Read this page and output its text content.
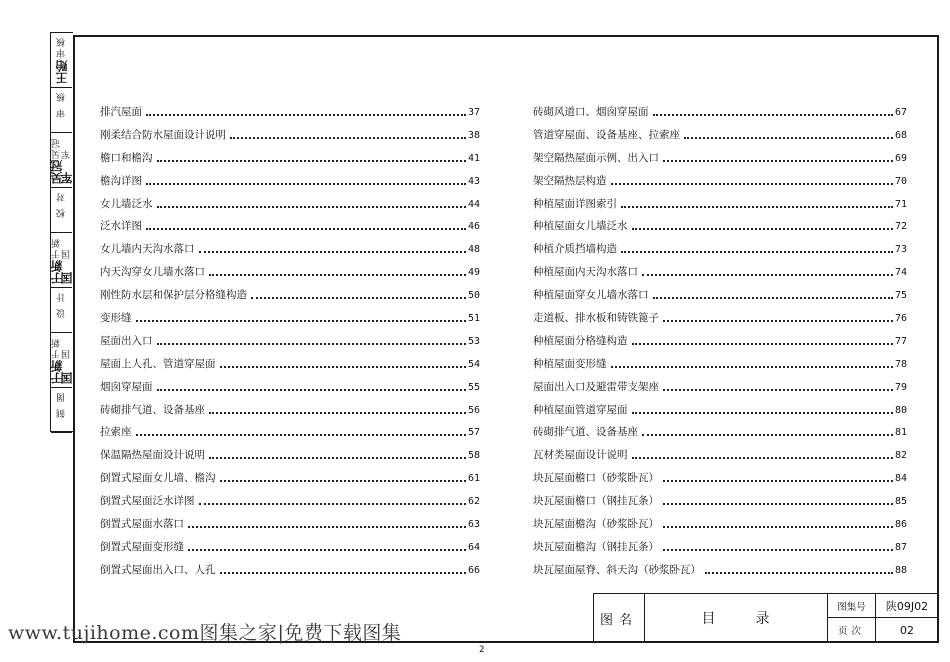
审核
王贻
审 核
吴冠军
吴冠军
校 对
于新国
于新国
设 计
于新国
于新国
制 图
排汽屋面	37
刚柔结合防水屋面设计说明	38
檐口和檐沟	41
檐沟详图	43
女儿墙泛水	44
泛水详图	46
女儿墙内天沟水落口	48
内天沟穿女儿墙水落口	49
刚性防水层和保护层分格缝构造	50
变形缝	51
屋面出入口	53
屋面上人孔、管道穿屋面	54
烟囱穿屋面	55
砖砌排气道、设备基座	56
拉索座	57
保温隔热屋面设计说明	58
倒置式屋面女儿墙、檐沟	61
倒置式屋面泛水详图	62
倒置式屋面水落口	63
倒置式屋面变形缝	64
倒置式屋面出入口、人孔	66
砖砌风道口、烟囱穿屋面	67
管道穿屋面、设备基座、拉索座	68
架空隔热屋面示例、出入口	69
架空隔热层构造	70
种植屋面详图索引	71
种植屋面女儿墙泛水	72
种植介质挡墙构造	73
种植屋面内天沟水落口	74
种植屋面穿女儿墙水落口	75
走道板、排水板和铸铁篦子	76
种植屋面分格缝构造	77
种植屋面变形缝	78
屋面出入口及避雷带支架座	79
种植屋面管道穿屋面	80
砖砌排气道、设备基座	81
瓦材类屋面设计说明	82
块瓦屋面檐口（砂浆卧瓦）	84
块瓦屋面檐口（钢挂瓦条）	85
块瓦屋面檐沟（砂浆卧瓦）	86
块瓦屋面檐沟（钢挂瓦条）	87
块瓦屋面屋脊、斜天沟（砂浆卧瓦）	88
图名	目录
图集号	陕09J02
页次	02
www.tujihome.com图集之家|免费下载图集
2
